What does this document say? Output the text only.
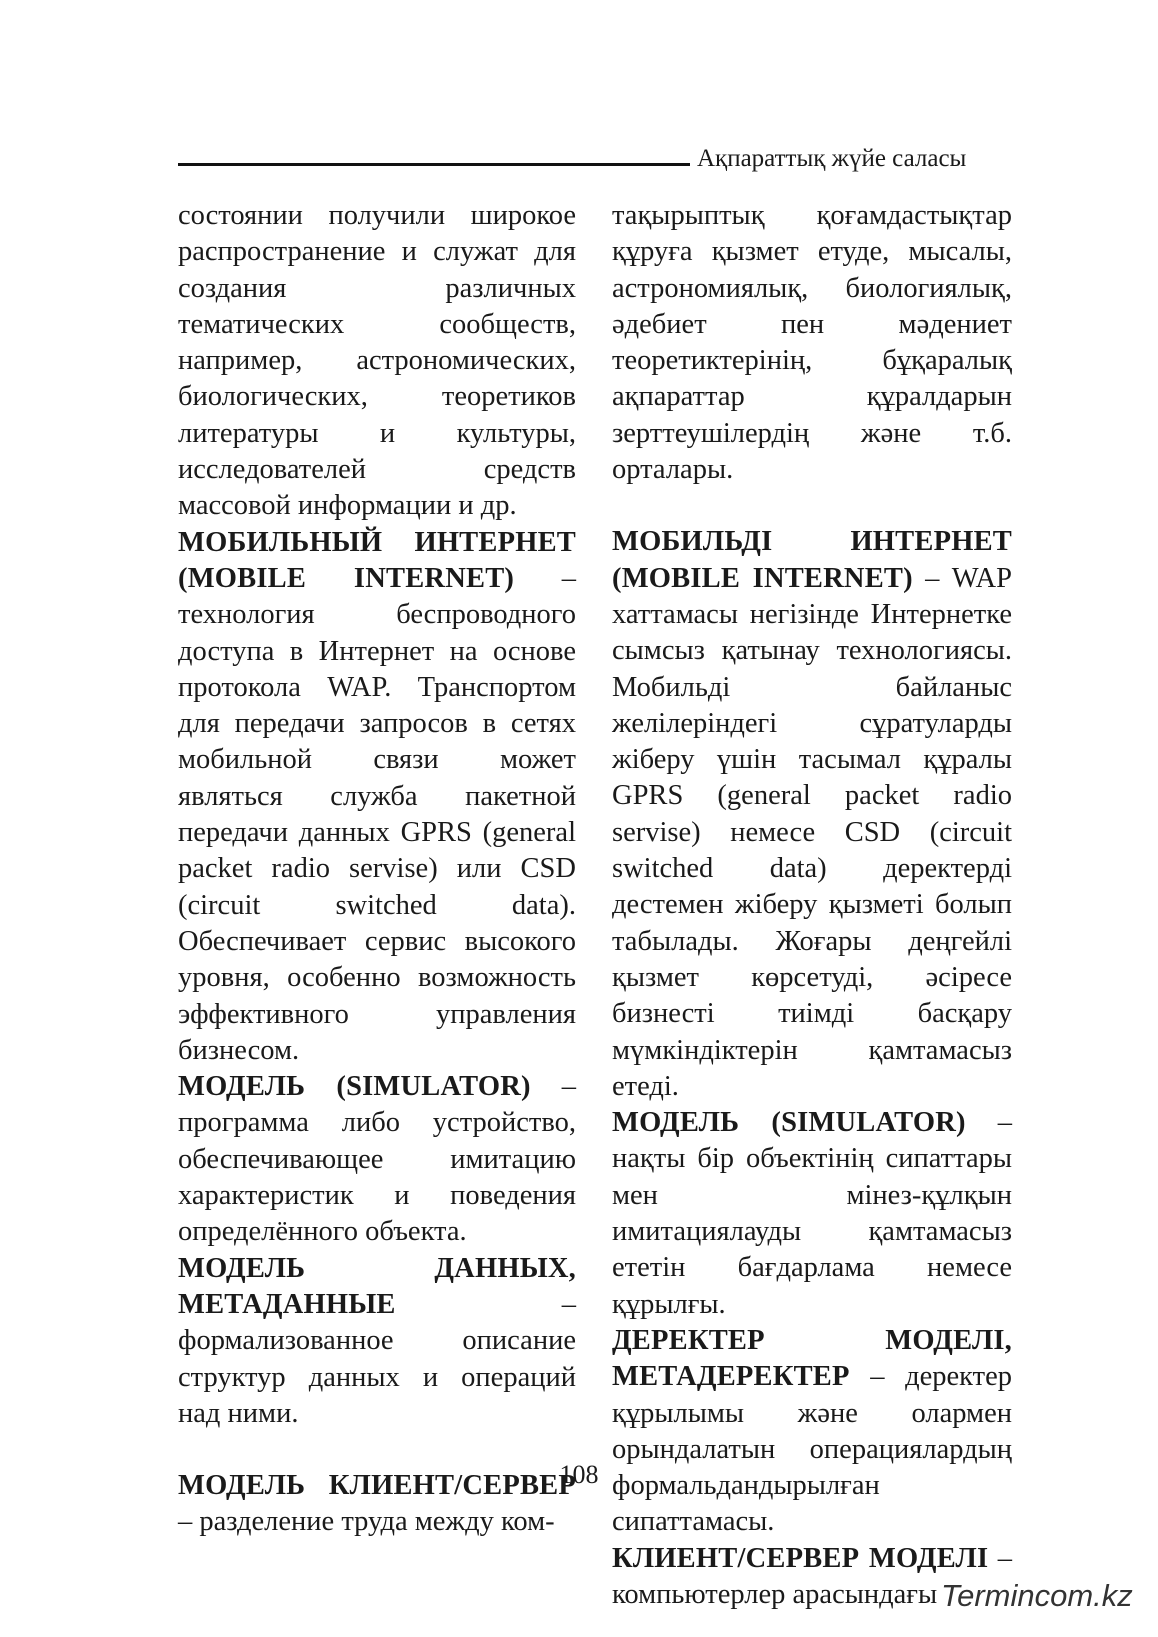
Ақпараттық жүйе саласы

состоянии получили широкое распространение и служат для создания различных тематических сообществ, например, астрономических, биологических, теоретиков литературы и культуры, исследователей средств массовой информации и др.

МОБИЛЬНЫЙ ИНТЕРНЕТ (MOBILE INTERNET) – технология беспроводного доступа в Интернет на основе протокола WAP. Транспортом для передачи запросов в сетях мобильной связи может являться служба пакетной передачи данных GPRS (general packet radio servise) или CSD (circuit switched data). Обеспечивает сервис высокого уровня, особенно возможность эффективного управления бизнесом.

МОДЕЛЬ (SIMULATOR) – программа либо устройство, обеспечивающее имитацию характеристик и поведения определённого объекта.

МОДЕЛЬ ДАННЫХ, МЕТАДАННЫЕ – формализованное описание структур данных и операций над ними.

МОДЕЛЬ КЛИЕНТ/СЕРВЕР – разделение труда между ком-

тақырыптық қоғамдастықтар құруға қызмет етуде, мысалы, астрономиялық, биологиялық, әдебиет пен мәдениет теоретиктерінің, бұқаралық ақпараттар құралдарын зерттеушілердің және т.б. орталары.

МОБИЛЬДІ ИНТЕРНЕТ (MOBILE INTERNET) – WAP хаттамасы негізінде Интернетке сымсыз қатынау технологиясы. Мобильді байланыс желілеріндегі сұратуларды жіберу үшін тасымал құралы GPRS (general packet radio servise) немесе CSD (circuit switched data) деректерді дестемен жіберу қызметі болып табылады. Жоғары деңгейлі қызмет көрсетуді, әсіресе бизнесті тиімді басқару мүмкіндіктерін қамтамасыз етеді.

МОДЕЛЬ (SIMULATOR) – нақты бір объектінің сипаттары мен мінез-құлқын имитациялауды қамтамасыз ететін бағдарлама немесе құрылғы.

ДЕРЕКТЕР МОДЕЛІ, МЕТАДЕРЕКТЕР – деректер құрылымы және олармен орындалатын операциялардың формальдандырылған сипаттамасы.

КЛИЕНТ/СЕРВЕР МОДЕЛІ – компьютерлер арасындағы

108
Termincom.kz
